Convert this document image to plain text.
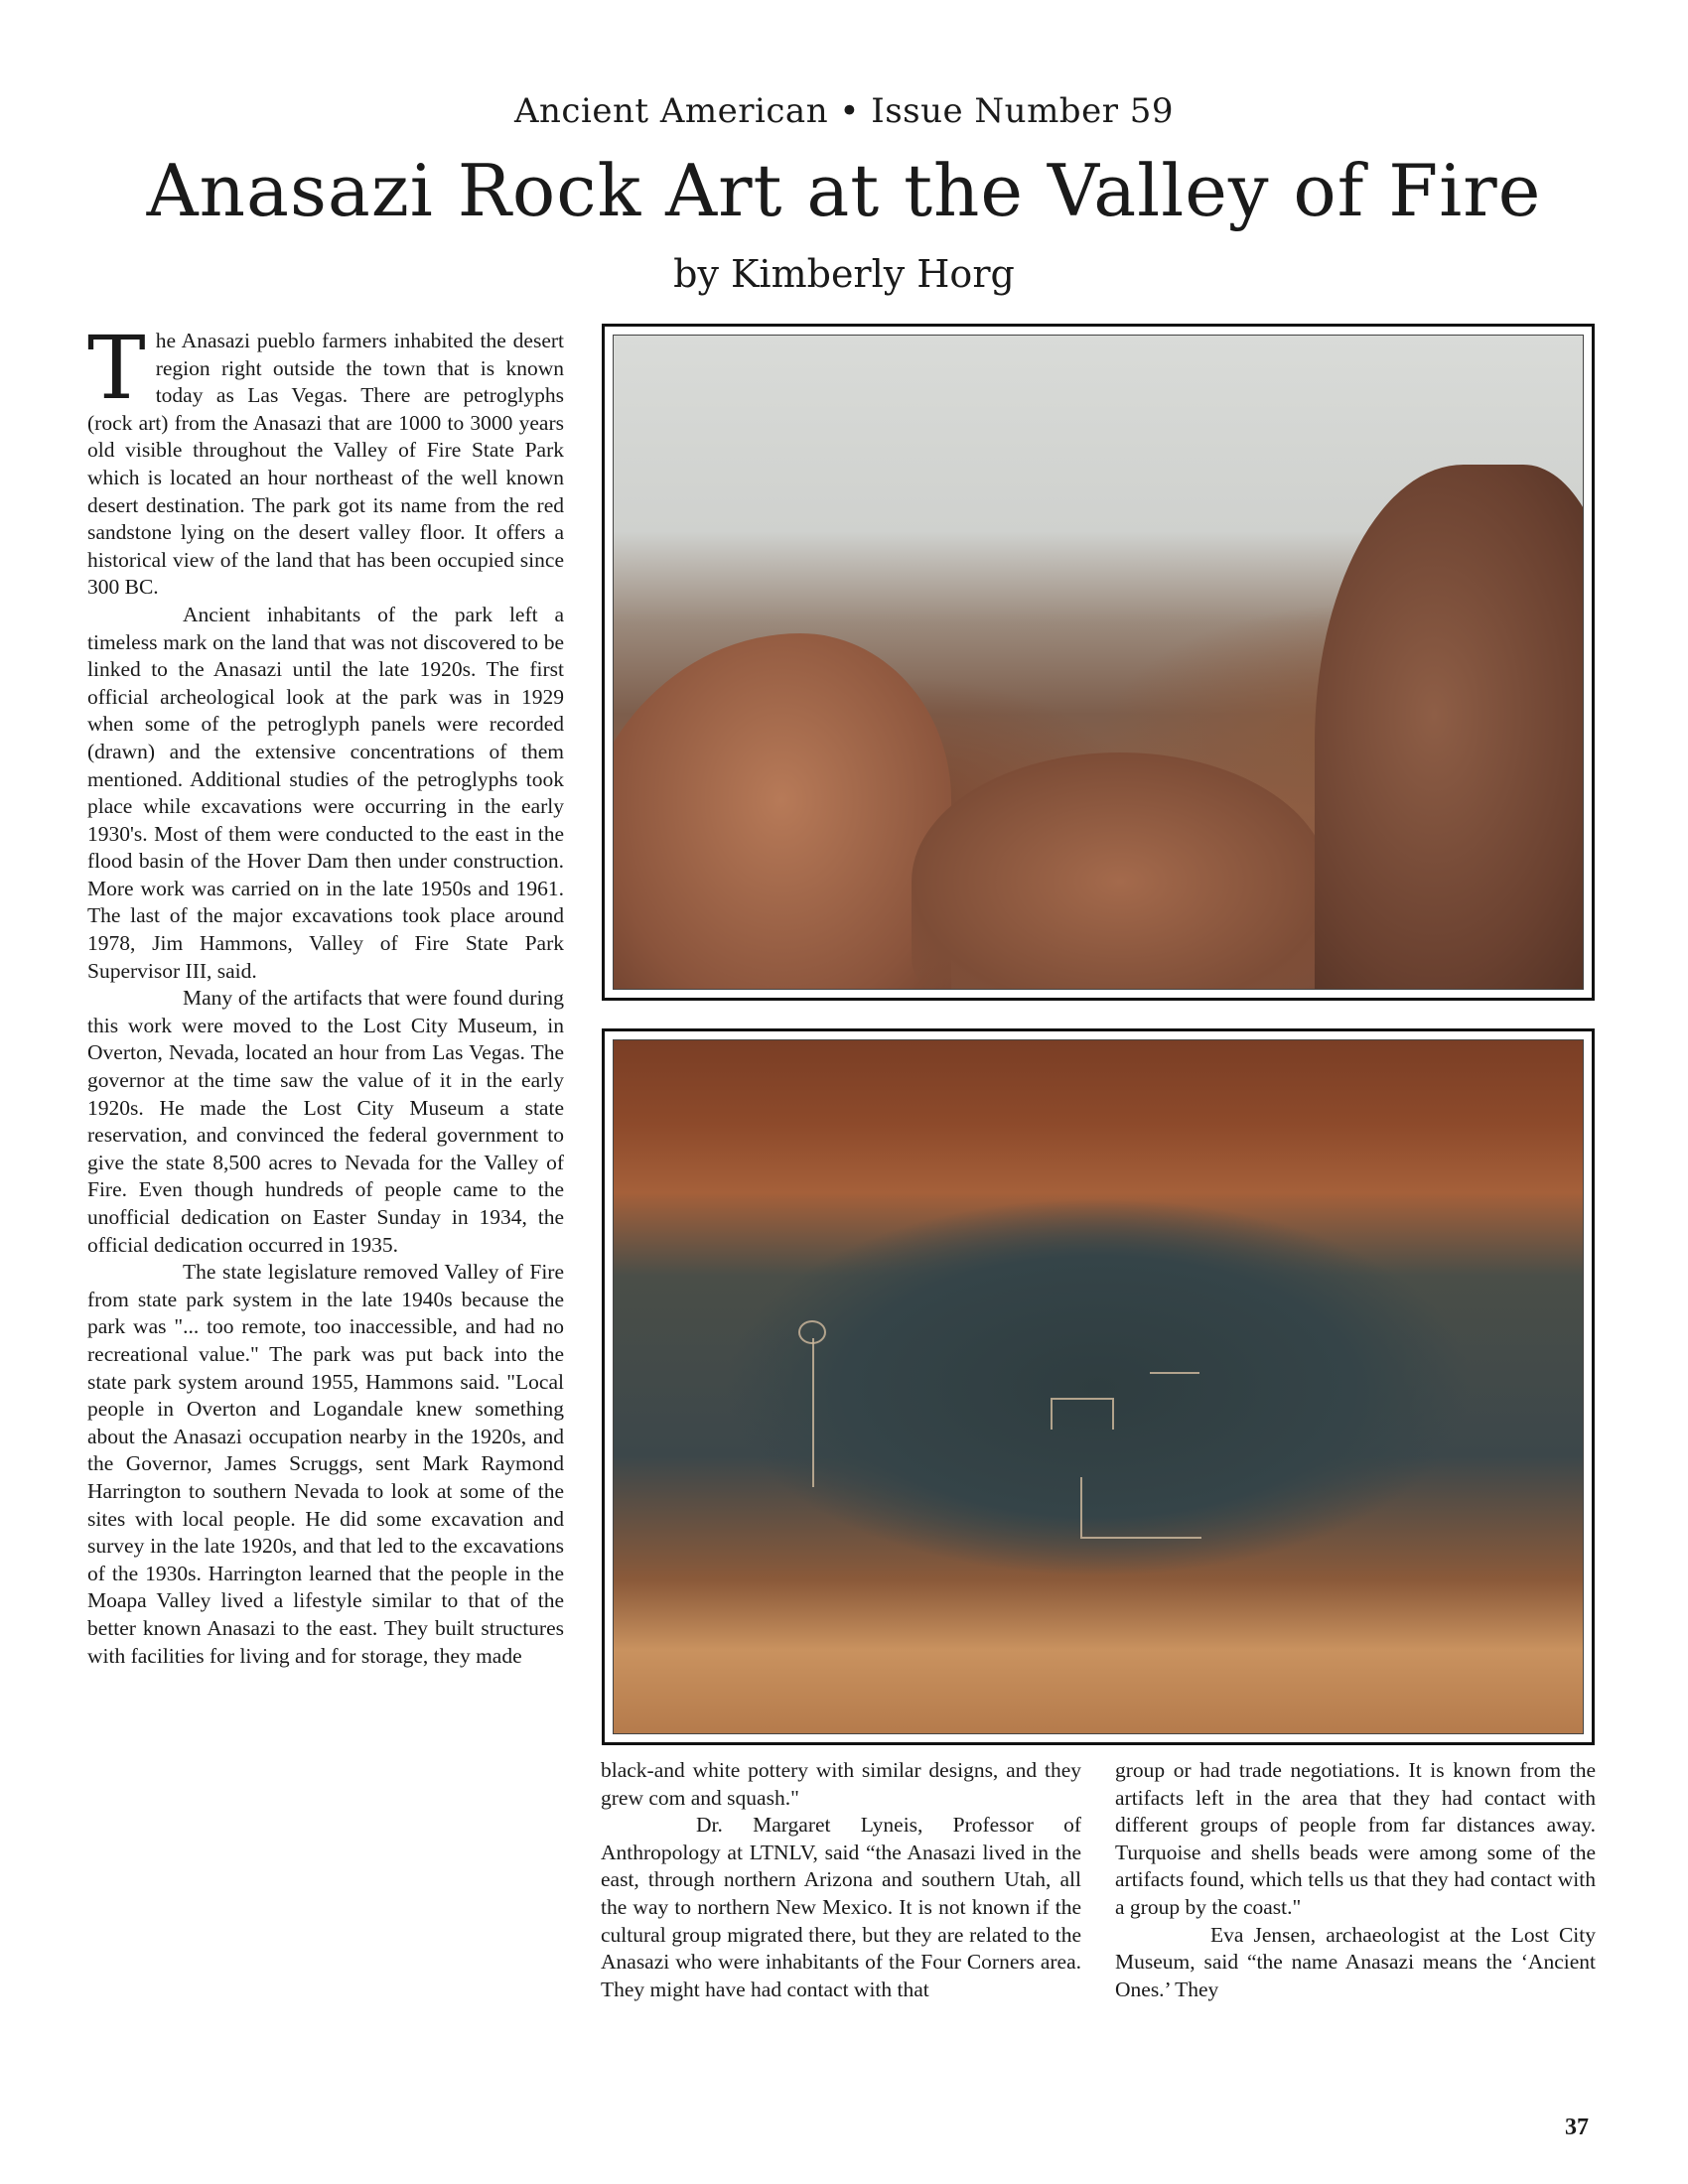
Ancient American • Issue Number 59
Anasazi Rock Art at the Valley of Fire
by Kimberly Horg

The Anasazi pueblo farmers inhabited the desert region right outside the town that is known today as Las Vegas. There are petroglyphs (rock art) from the Anasazi that are 1000 to 3000 years old visible throughout the Valley of Fire State Park which is located an hour northeast of the well known desert destination. The park got its name from the red sandstone lying on the desert valley floor. It offers a historical view of the land that has been occupied since 300 BC.

Ancient inhabitants of the park left a timeless mark on the land that was not discovered to be linked to the Anasazi until the late 1920s. The first official archeological look at the park was in 1929 when some of the petroglyph panels were recorded (drawn) and the extensive concentrations of them mentioned. Additional studies of the petroglyphs took place while excavations were occurring in the early 1930's. Most of them were conducted to the east in the flood basin of the Hover Dam then under construction. More work was carried on in the late 1950s and 1961. The last of the major excavations took place around 1978, Jim Hammons, Valley of Fire State Park Supervisor III, said.

Many of the artifacts that were found during this work were moved to the Lost City Museum, in Overton, Nevada, located an hour from Las Vegas. The governor at the time saw the value of it in the early 1920s. He made the Lost City Museum a state reservation, and convinced the federal government to give the state 8,500 acres to Nevada for the Valley of Fire. Even though hundreds of people came to the unofficial dedication on Easter Sunday in 1934, the official dedication occurred in 1935.

The state legislature removed Valley of Fire from state park system in the late 1940s because the park was "... too remote, too inaccessible, and had no recreational value." The park was put back into the state park system around 1955, Hammons said. "Local people in Overton and Logandale knew something about the Anasazi occupation nearby in the 1920s, and the Governor, James Scruggs, sent Mark Raymond Harrington to southern Nevada to look at some of the sites with local people. He did some excavation and survey in the late 1920s, and that led to the excavations of the 1930s. Harrington learned that the people in the Moapa Valley lived a lifestyle similar to that of the better known Anasazi to the east. They built structures with facilities for living and for storage, they made

black-and white pottery with similar designs, and they grew com and squash."

Dr. Margaret Lyneis, Professor of Anthropology at LTNLV, said “the Anasazi lived in the east, through northern Arizona and southern Utah, all the way to northern New Mexico. It is not known if the cultural group migrated there, but they are related to the Anasazi who were inhabitants of the Four Corners area. They might have had contact with that

group or had trade negotiations. It is known from the artifacts left in the area that they had contact with different groups of people from far distances away. Turquoise and shells beads were among some of the artifacts found, which tells us that they had contact with a group by the coast."

Eva Jensen, archaeologist at the Lost City Museum, said “the name Anasazi means the ‘Ancient Ones.’ They

37
